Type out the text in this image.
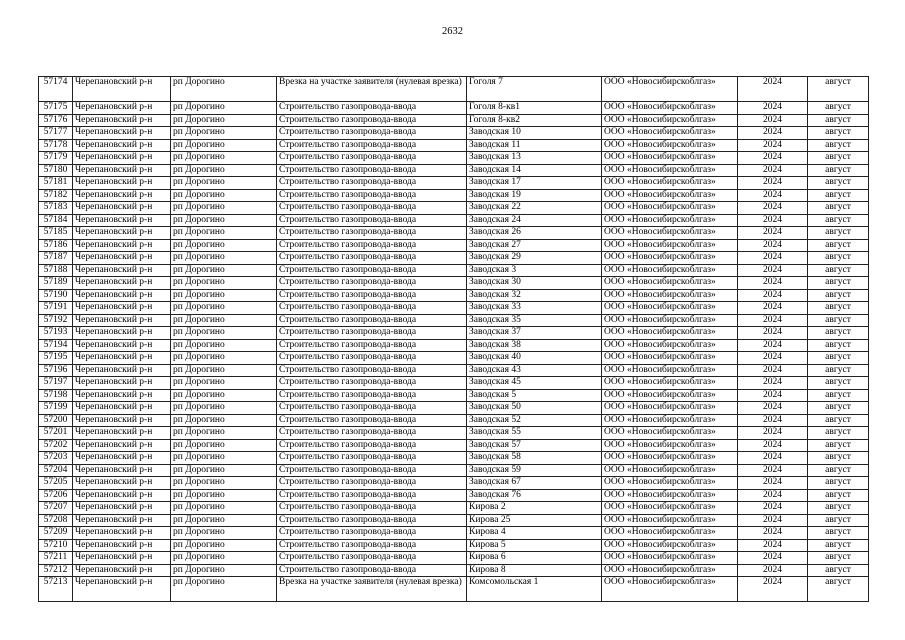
2632
57174	Черепановский р-н	рп Дорогино	Врезка на участке заявителя (нулевая врезка)	Гоголя 7	ООО «Новосибирскоблгаз»	2024	август
57175	Черепановский р-н	рп Дорогино	Строительство газопровода-ввода	Гоголя 8-кв1	ООО «Новосибирскоблгаз»	2024	август
57176	Черепановский р-н	рп Дорогино	Строительство газопровода-ввода	Гоголя 8-кв2	ООО «Новосибирскоблгаз»	2024	август
57177	Черепановский р-н	рп Дорогино	Строительство газопровода-ввода	Заводская 10	ООО «Новосибирскоблгаз»	2024	август
57178	Черепановский р-н	рп Дорогино	Строительство газопровода-ввода	Заводская 11	ООО «Новосибирскоблгаз»	2024	август
57179	Черепановский р-н	рп Дорогино	Строительство газопровода-ввода	Заводская 13	ООО «Новосибирскоблгаз»	2024	август
57180	Черепановский р-н	рп Дорогино	Строительство газопровода-ввода	Заводская 14	ООО «Новосибирскоблгаз»	2024	август
57181	Черепановский р-н	рп Дорогино	Строительство газопровода-ввода	Заводская 17	ООО «Новосибирскоблгаз»	2024	август
57182	Черепановский р-н	рп Дорогино	Строительство газопровода-ввода	Заводская 19	ООО «Новосибирскоблгаз»	2024	август
57183	Черепановский р-н	рп Дорогино	Строительство газопровода-ввода	Заводская 22	ООО «Новосибирскоблгаз»	2024	август
57184	Черепановский р-н	рп Дорогино	Строительство газопровода-ввода	Заводская 24	ООО «Новосибирскоблгаз»	2024	август
57185	Черепановский р-н	рп Дорогино	Строительство газопровода-ввода	Заводская 26	ООО «Новосибирскоблгаз»	2024	август
57186	Черепановский р-н	рп Дорогино	Строительство газопровода-ввода	Заводская 27	ООО «Новосибирскоблгаз»	2024	август
57187	Черепановский р-н	рп Дорогино	Строительство газопровода-ввода	Заводская 29	ООО «Новосибирскоблгаз»	2024	август
57188	Черепановский р-н	рп Дорогино	Строительство газопровода-ввода	Заводская 3	ООО «Новосибирскоблгаз»	2024	август
57189	Черепановский р-н	рп Дорогино	Строительство газопровода-ввода	Заводская 30	ООО «Новосибирскоблгаз»	2024	август
57190	Черепановский р-н	рп Дорогино	Строительство газопровода-ввода	Заводская 32	ООО «Новосибирскоблгаз»	2024	август
57191	Черепановский р-н	рп Дорогино	Строительство газопровода-ввода	Заводская 33	ООО «Новосибирскоблгаз»	2024	август
57192	Черепановский р-н	рп Дорогино	Строительство газопровода-ввода	Заводская 35	ООО «Новосибирскоблгаз»	2024	август
57193	Черепановский р-н	рп Дорогино	Строительство газопровода-ввода	Заводская 37	ООО «Новосибирскоблгаз»	2024	август
57194	Черепановский р-н	рп Дорогино	Строительство газопровода-ввода	Заводская 38	ООО «Новосибирскоблгаз»	2024	август
57195	Черепановский р-н	рп Дорогино	Строительство газопровода-ввода	Заводская 40	ООО «Новосибирскоблгаз»	2024	август
57196	Черепановский р-н	рп Дорогино	Строительство газопровода-ввода	Заводская 43	ООО «Новосибирскоблгаз»	2024	август
57197	Черепановский р-н	рп Дорогино	Строительство газопровода-ввода	Заводская 45	ООО «Новосибирскоблгаз»	2024	август
57198	Черепановский р-н	рп Дорогино	Строительство газопровода-ввода	Заводская 5	ООО «Новосибирскоблгаз»	2024	август
57199	Черепановский р-н	рп Дорогино	Строительство газопровода-ввода	Заводская 50	ООО «Новосибирскоблгаз»	2024	август
57200	Черепановский р-н	рп Дорогино	Строительство газопровода-ввода	Заводская 52	ООО «Новосибирскоблгаз»	2024	август
57201	Черепановский р-н	рп Дорогино	Строительство газопровода-ввода	Заводская 55	ООО «Новосибирскоблгаз»	2024	август
57202	Черепановский р-н	рп Дорогино	Строительство газопровода-ввода	Заводская 57	ООО «Новосибирскоблгаз»	2024	август
57203	Черепановский р-н	рп Дорогино	Строительство газопровода-ввода	Заводская 58	ООО «Новосибирскоблгаз»	2024	август
57204	Черепановский р-н	рп Дорогино	Строительство газопровода-ввода	Заводская 59	ООО «Новосибирскоблгаз»	2024	август
57205	Черепановский р-н	рп Дорогино	Строительство газопровода-ввода	Заводская 67	ООО «Новосибирскоблгаз»	2024	август
57206	Черепановский р-н	рп Дорогино	Строительство газопровода-ввода	Заводская 76	ООО «Новосибирскоблгаз»	2024	август
57207	Черепановский р-н	рп Дорогино	Строительство газопровода-ввода	Кирова 2	ООО «Новосибирскоблгаз»	2024	август
57208	Черепановский р-н	рп Дорогино	Строительство газопровода-ввода	Кирова 25	ООО «Новосибирскоблгаз»	2024	август
57209	Черепановский р-н	рп Дорогино	Строительство газопровода-ввода	Кирова 4	ООО «Новосибирскоблгаз»	2024	август
57210	Черепановский р-н	рп Дорогино	Строительство газопровода-ввода	Кирова 5	ООО «Новосибирскоблгаз»	2024	август
57211	Черепановский р-н	рп Дорогино	Строительство газопровода-ввода	Кирова 6	ООО «Новосибирскоблгаз»	2024	август
57212	Черепановский р-н	рп Дорогино	Строительство газопровода-ввода	Кирова 8	ООО «Новосибирскоблгаз»	2024	август
57213	Черепановский р-н	рп Дорогино	Врезка на участке заявителя (нулевая врезка)	Комсомольская 1	ООО «Новосибирскоблгаз»	2024	август
